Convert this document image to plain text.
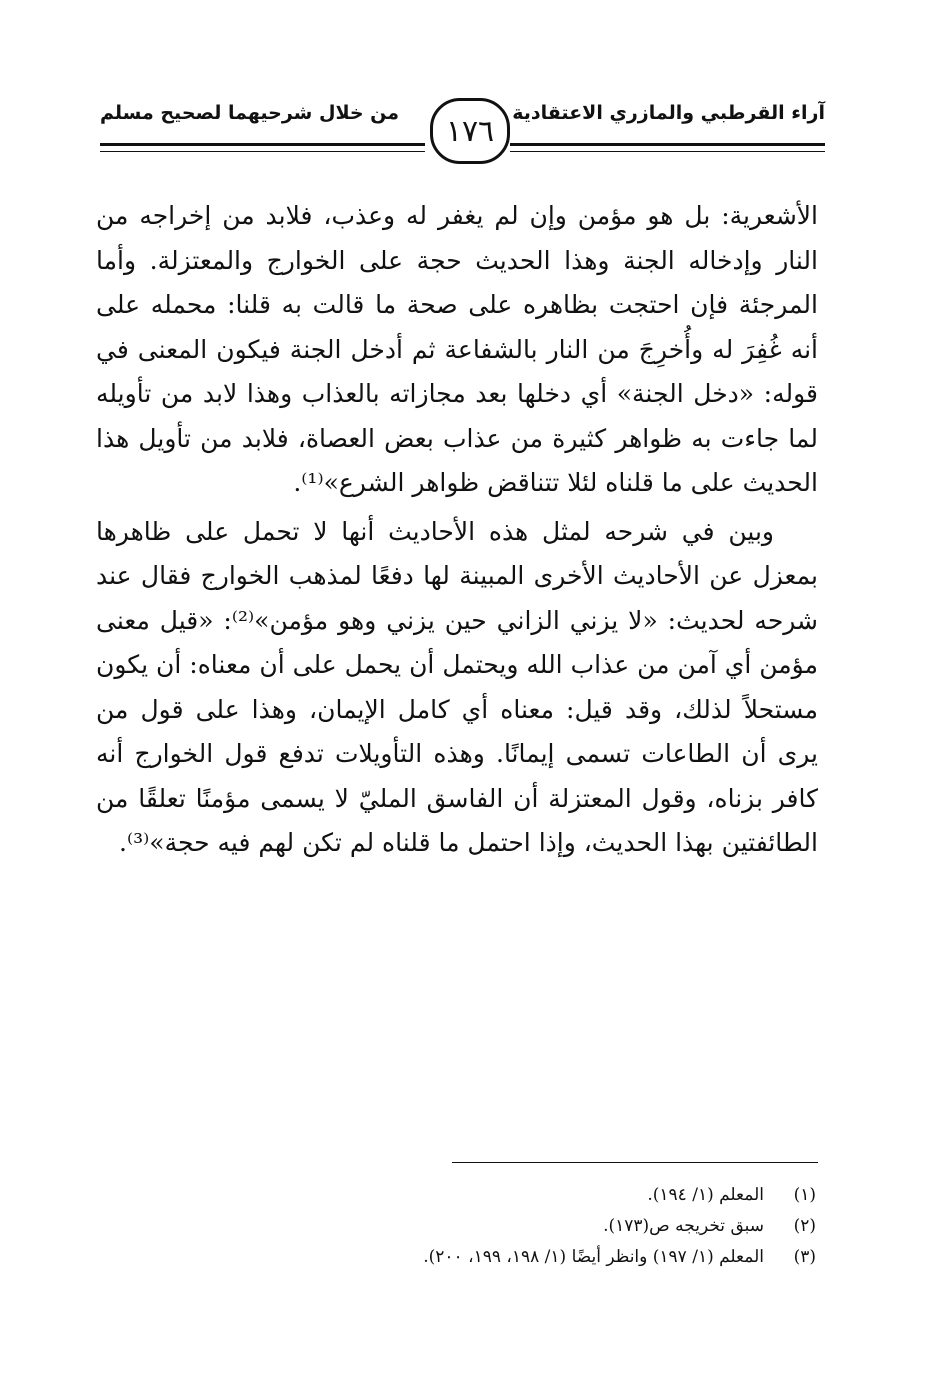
آراء القرطبي والمازري الاعتقادية
من خلال شرحيهما لصحيح مسلم
١٧٦

الأشعرية: بل هو مؤمن وإن لم يغفر له وعذب، فلابد من إخراجه من النار وإدخاله الجنة وهذا الحديث حجة على الخوارج والمعتزلة. وأما المرجئة فإن احتجت بظاهره على صحة ما قالت به قلنا: محمله على أنه غُفِرَ له وأُخرِجَ من النار بالشفاعة ثم أدخل الجنة فيكون المعنى في قوله: «دخل الجنة» أي دخلها بعد مجازاته بالعذاب وهذا لابد من تأويله لما جاءت به ظواهر كثيرة من عذاب بعض العصاة، فلابد من تأويل هذا الحديث على ما قلناه لئلا تتناقض ظواهر الشرع»⁽¹⁾.

وبين في شرحه لمثل هذه الأحاديث أنها لا تحمل على ظاهرها بمعزل عن الأحاديث الأخرى المبينة لها دفعًا لمذهب الخوارج فقال عند شرحه لحديث: «لا يزني الزاني حين يزني وهو مؤمن»⁽²⁾: «قيل معنى مؤمن أي آمن من عذاب الله ويحتمل أن يحمل على أن معناه: أن يكون مستحلاً لذلك، وقد قيل: معناه أي كامل الإيمان، وهذا على قول من يرى أن الطاعات تسمى إيمانًا. وهذه التأويلات تدفع قول الخوارج أنه كافر بزناه، وقول المعتزلة أن الفاسق المليّ لا يسمى مؤمنًا تعلقًا من الطائفتين بهذا الحديث، وإذا احتمل ما قلناه لم تكن لهم فيه حجة»⁽³⁾.

(١)
المعلم (١/ ١٩٤).
(٢)
سبق تخريجه ص(١٧٣).
(٣)
المعلم (١/ ١٩٧) وانظر أيضًا (١/ ١٩٨، ١٩٩، ٢٠٠).
